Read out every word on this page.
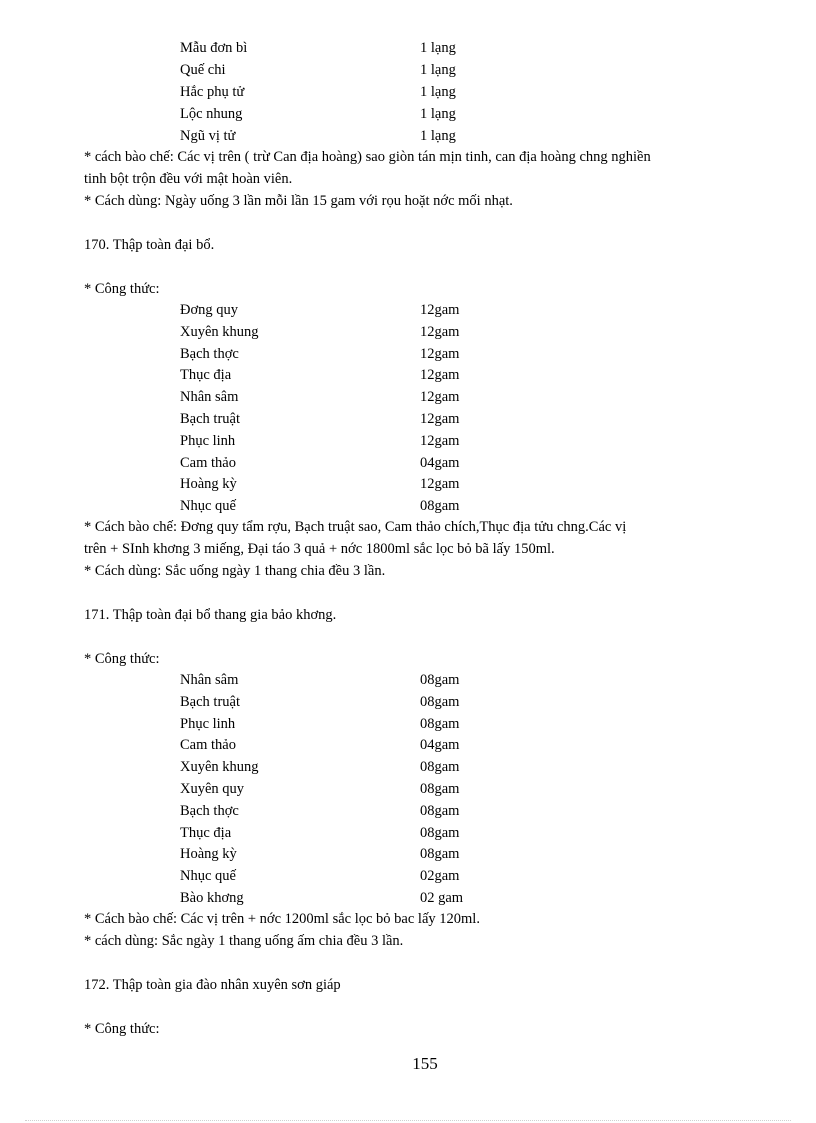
Mẫu đơn bì	1 lạng
Quế chi	1 lạng
Hắc phụ tử	1 lạng
Lộc nhung	1 lạng
Ngũ vị tử	1 lạng
* cách bào chế: Các vị trên ( trừ Can địa hoàng) sao giòn tán mịn tinh, can địa hoàng chng nghiền
tinh bột trộn đều với mật hoàn viên.
* Cách dùng: Ngày uống 3 lần mỗi lần 15 gam với rọu hoặt nớc mối nhạt.
170. Thập toàn đại bổ.
* Công thức:
Đơng quy	12gam
Xuyên khung	12gam
Bạch thợc	12gam
Thục địa	12gam
Nhân sâm	12gam
Bạch truật	12gam
Phục linh	12gam
Cam thảo	04gam
Hoàng kỳ	12gam
Nhục quế	08gam
* Cách bào chế: Đơng quy tẩm rợu, Bạch truật sao, Cam thảo chích,Thục địa tửu chng.Các vị
trên + SInh khơng 3 miếng, Đại táo 3 quả + nớc 1800ml sắc lọc bỏ bã lấy 150ml.
* Cách dùng: Sắc uống ngày 1 thang chia đều 3 lần.
171. Thập toàn đại bổ thang gia bảo khơng.
* Công thức:
Nhân sâm	08gam
Bạch truật	08gam
Phục linh	08gam
Cam thảo	04gam
Xuyên khung	08gam
Xuyên quy	08gam
Bạch thợc	08gam
Thục địa	08gam
Hoàng kỳ	08gam
Nhục quế	02gam
Bào khơng	02 gam
* Cách bào chế: Các vị trên + nớc 1200ml sắc lọc bỏ bac lấy 120ml.
* cách dùng: Sắc ngày 1 thang uống ấm chia đều 3 lần.
172. Thập toàn gia đào nhân xuyên sơn giáp
* Công thức:
155
